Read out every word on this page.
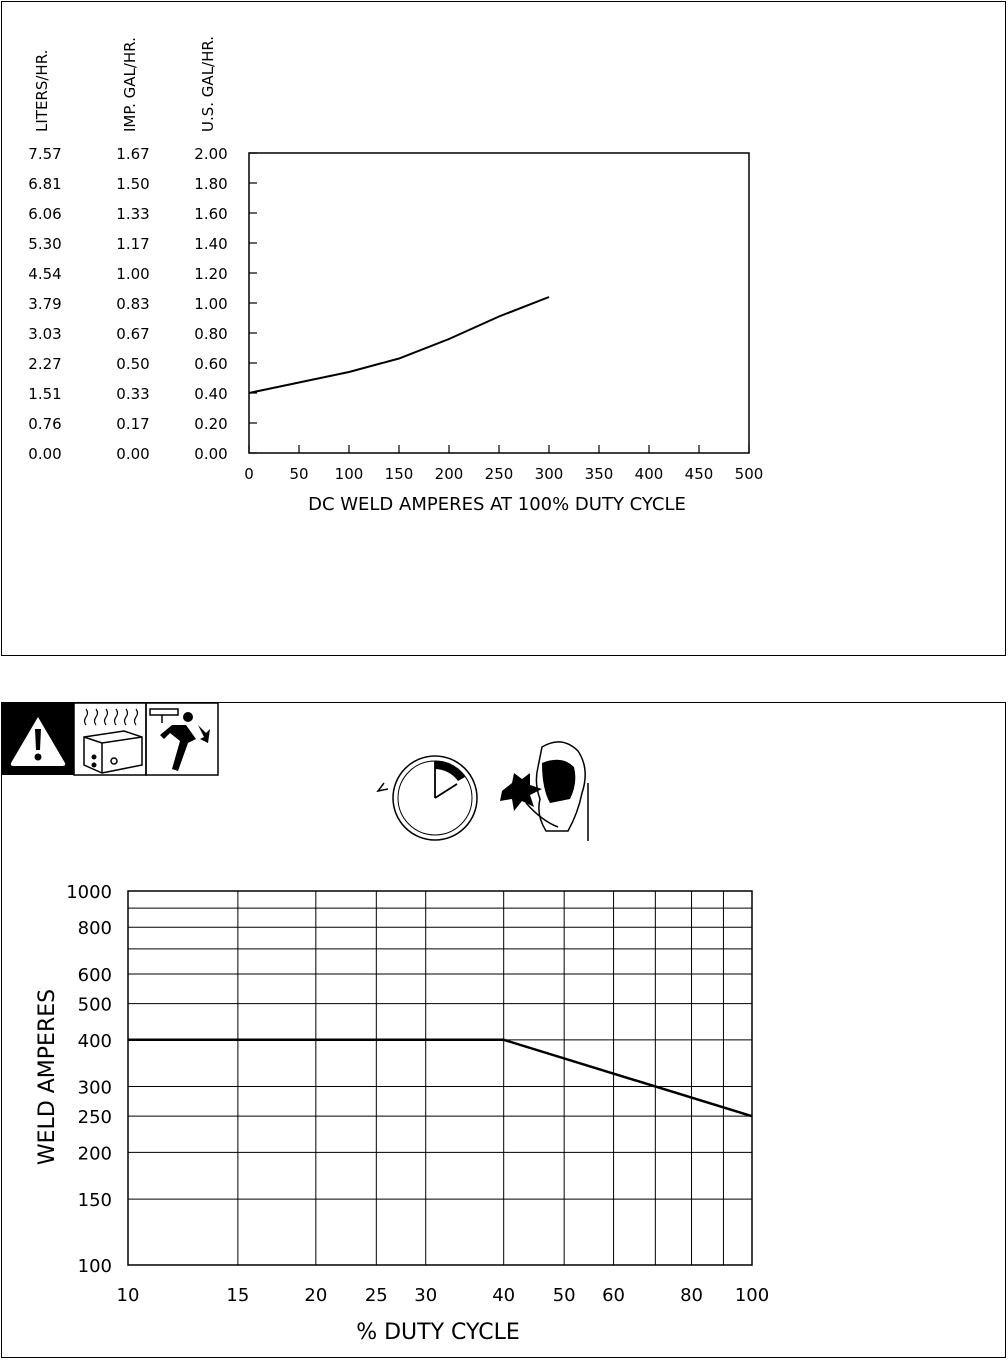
LITERS/HR.
7.57
6.81
6.06
5.30
4.54
3.79
3.03
2.27
1.51
0.76
0.00
IMP. GAL/HR.
1.67
1.50
1.33
1.17
1.00
0.83
0.67
0.50
0.33
0.17
0.00
U.S. GAL/HR.
2.00
1.80
1.60
1.40
1.20
1.00
0.80
0.60
0.40
0.20
0.00
0 50 100 150 200 250 300 350 400 450 500
DC WELD AMPERES AT 100% DUTY CYCLE
100
150
200
250
300
400
500
600
800
1000
10	15	20 25 30	40 50 60	80 100
WELD AMPERES
% DUTY CYCLE
